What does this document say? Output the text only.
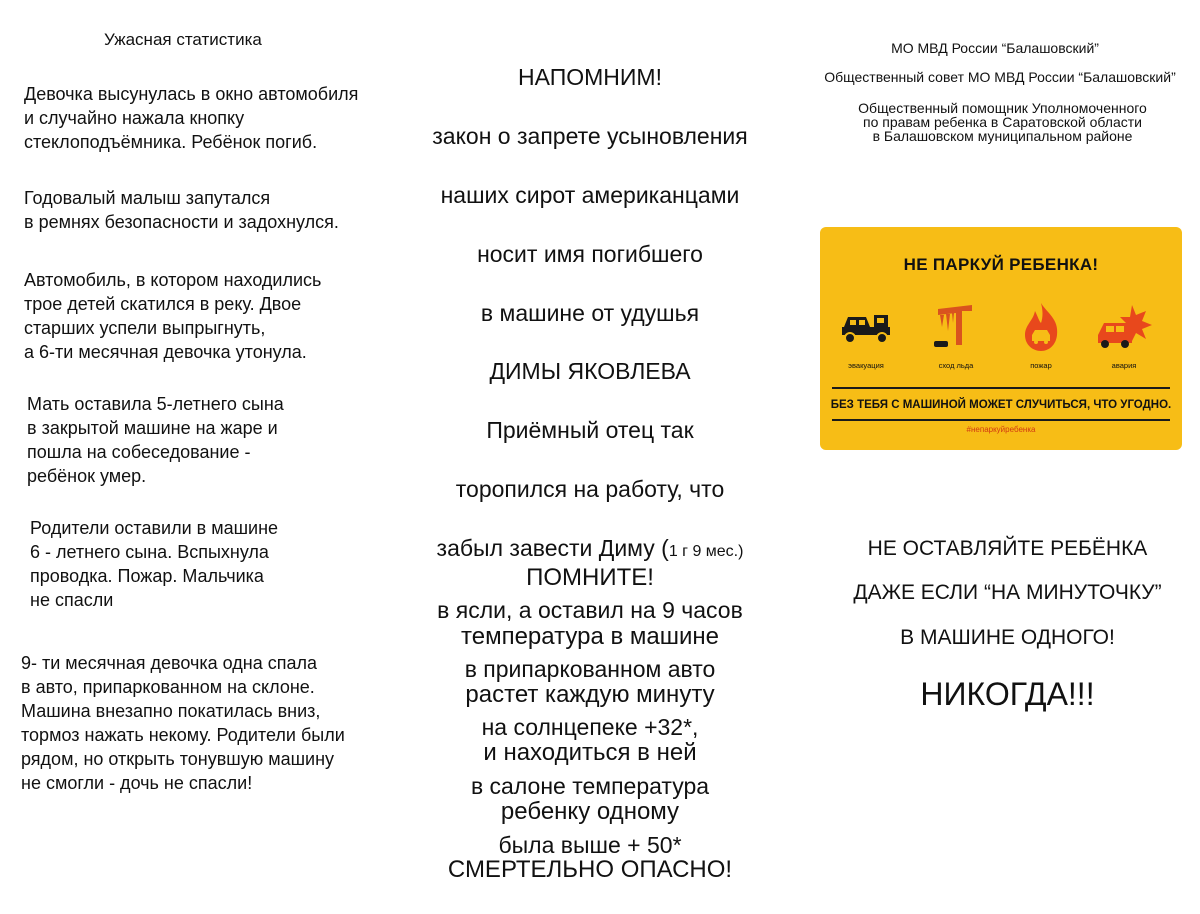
Ужасная статистика
Девочка высунулась в окно автомобиля
и случайно нажала кнопку
стеклоподъёмника. Ребёнок погиб.
Годовалый малыш запутался
в ремнях безопасности и задохнулся.
Автомобиль, в котором находились
трое детей скатился в реку. Двое
старших успели выпрыгнуть,
а 6-ти месячная девочка утонула.
Мать оставила 5-летнего сына
в закрытой машине на жаре и
пошла на собеседование -
ребёнок умер.
Родители оставили в машине
6 - летнего сына. Вспыхнула
проводка. Пожар. Мальчика
не спасли
9- ти месячная девочка одна спала
в авто, припаркованном на склоне.
Машина внезапно покатилась вниз,
тормоз нажать некому. Родители были
рядом, но открыть тонувшую машину
не смогли - дочь не спасли!

НАПОМНИМ!

закон о запрете усыновления

наших сирот американцами

носит имя погибшего

в машине от удушья

ДИМЫ ЯКОВЛЕВА

Приёмный отец так

торопился на работу, что

забыл завести Диму (1 г 9 мес.)

в ясли, а оставил на 9 часов

в припаркованном авто

на солнцепеке +32*,

в салоне температура

была выше + 50*

ПОМНИТЕ!

температура в машине

растет каждую минуту

и находиться в ней

ребенку одному

СМЕРТЕЛЬНО ОПАСНО!

МО МВД России “Балашовский”
Общественный совет МО МВД России “Балашовский”
Общественный помощник Уполномоченного
по правам ребенка в Саратовской области
в Балашовском муниципальном районе
НЕ ПАРКУЙ РЕБЕНКА!
эвакуация	сход льда	пожар	авария
БЕЗ ТЕБЯ С МАШИНОЙ МОЖЕТ СЛУЧИТЬСЯ, ЧТО УГОДНО.
#непаркуйребенка
НЕ ОСТАВЛЯЙТЕ РЕБЁНКА
ДАЖЕ ЕСЛИ “НА МИНУТОЧКУ”
В МАШИНЕ ОДНОГО!
НИКОГДА!!!
